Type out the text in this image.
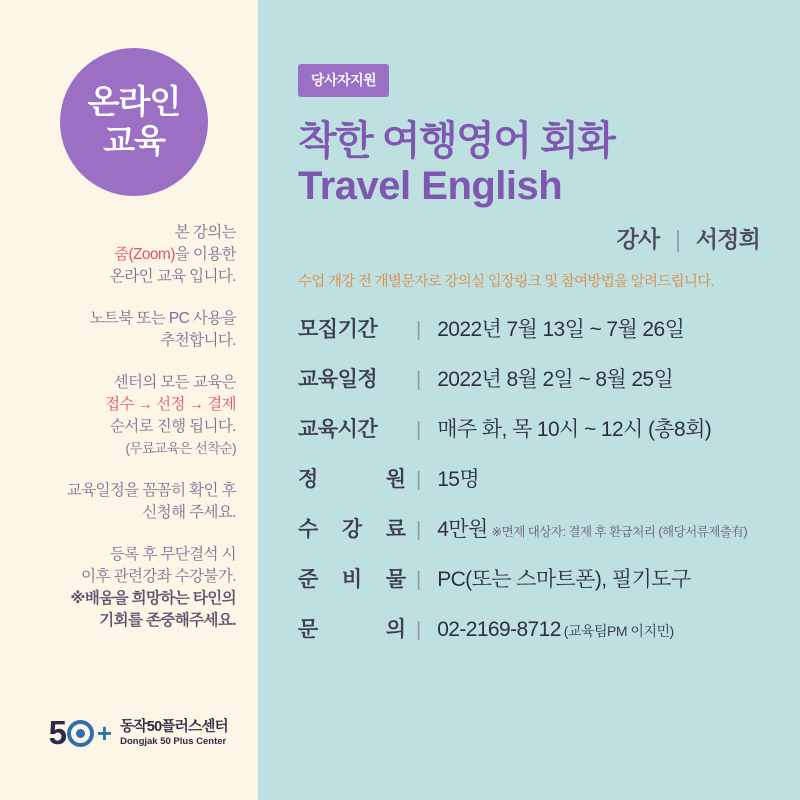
온라인
교육
본 강의는
줌(Zoom)을 이용한
온라인 교육 입니다.
노트북 또는 PC 사용을
추천합니다.
센터의 모든 교육은
접수 → 선정 → 결제
순서로 진행 됩니다.
(무료교육은 선착순)
교육일정을 꼼꼼히 확인 후
신청해 주세요.
등록 후 무단결석 시
이후 관련강좌 수강불가.
※배움을 희망하는 타인의
기회를 존중해주세요.
5 + 동작50플러스센터
Dongjak 50 Plus Center
당사자지원
착한 여행영어 회화
Travel English
강사 | 서정희
수업 개강 전 개별문자로 강의실 입장링크 및 참여방법을 알려드립니다.
모집기간	| 2022년 7월 13일 ~ 7월 26일
교육일정	| 2022년 8월 2일 ~ 8월 25일
교육시간	| 매주 화, 목 10시 ~ 12시 (총8회)
정	원 | 15명
수 강 료 | 4만원 ※면제 대상자: 결제 후 환급처리 (해당서류제출有)
준 비 물 | PC(또는 스마트폰), 필기도구
문	의 | 02-2169-8712 (교육팀PM 이지민)
